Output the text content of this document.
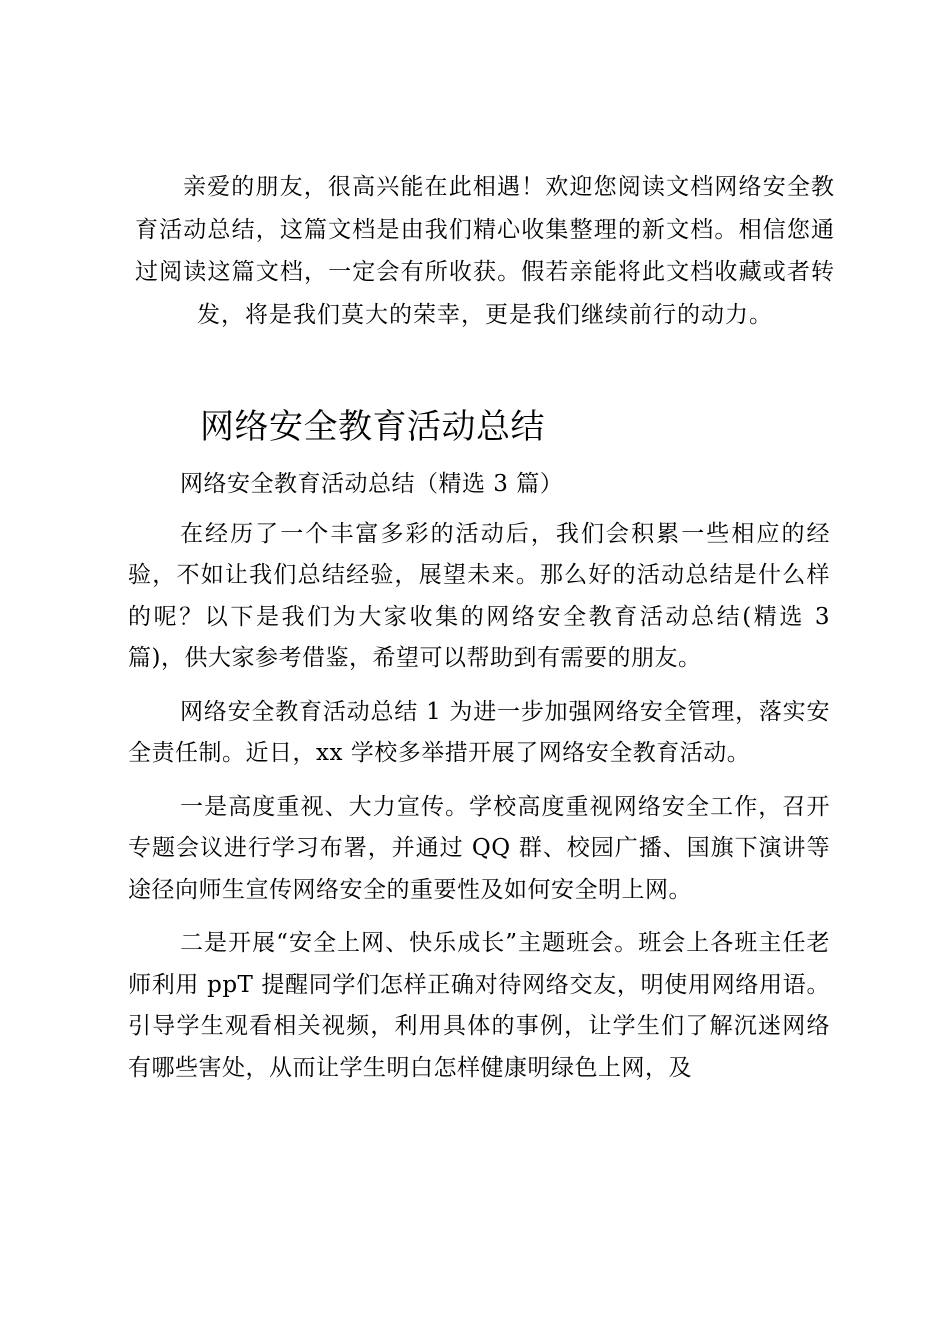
亲爱的朋友，很高兴能在此相遇！欢迎您阅读文档网络安全教育活动总结，这篇文档是由我们精心收集整理的新文档。相信您通过阅读这篇文档，一定会有所收获。假若亲能将此文档收藏或者转发，将是我们莫大的荣幸，更是我们继续前行的动力。
网络安全教育活动总结

网络安全教育活动总结（精选 3 篇）

在经历了一个丰富多彩的活动后，我们会积累一些相应的经验，不如让我们总结经验，展望未来。那么好的活动总结是什么样的呢？以下是我们为大家收集的网络安全教育活动总结(精选 3 篇)，供大家参考借鉴，希望可以帮助到有需要的朋友。

网络安全教育活动总结 1 为进一步加强网络安全管理，落实安全责任制。近日，xx 学校多举措开展了网络安全教育活动。

一是高度重视、大力宣传。学校高度重视网络安全工作，召开专题会议进行学习布署，并通过 QQ 群、校园广播、国旗下演讲等途径向师生宣传网络安全的重要性及如何安全明上网。

二是开展“安全上网、快乐成长”主题班会。班会上各班主任老师利用 ppT 提醒同学们怎样正确对待网络交友，明使用网络用语。引导学生观看相关视频，利用具体的事例，让学生们了解沉迷网络有哪些害处，从而让学生明白怎样健康明绿色上网，及
